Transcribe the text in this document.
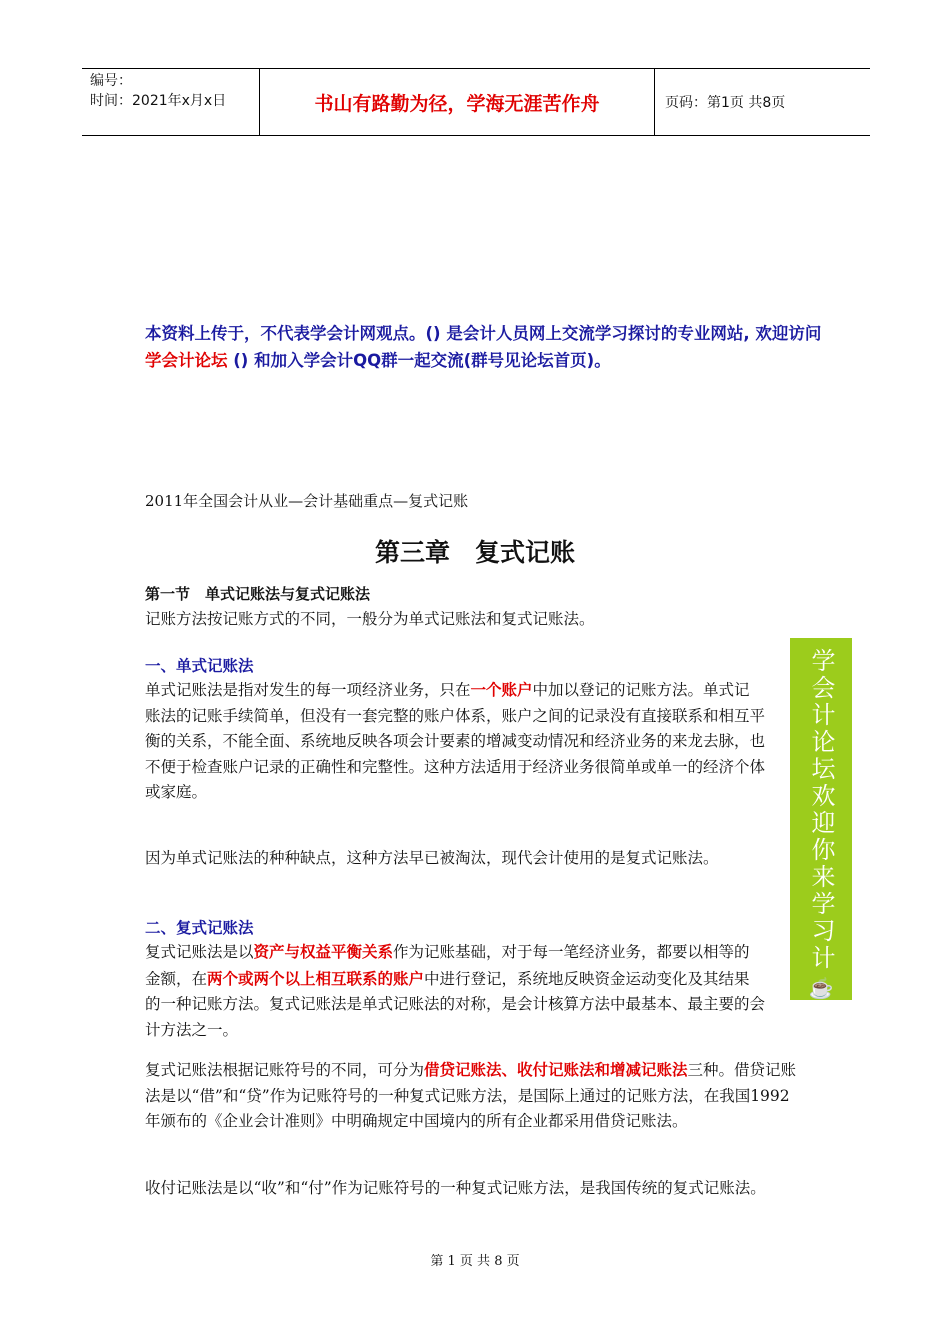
编号：
时间：2021年x月x日	书山有路勤为径，学海无涯苦作舟	页码：第1页 共8页
本资料上传于，不代表学会计网观点。() 是会计人员网上交流学习探讨的专业网站, 欢迎访问学会计论坛 () 和加入学会计QQ群一起交流(群号见论坛首页)。
2011年全国会计从业—会计基础重点—复式记账
第三章　复式记账
第一节　单式记账法与复式记账法
记账方法按记账方式的不同，一般分为单式记账法和复式记账法。
一、单式记账法
单式记账法是指对发生的每一项经济业务，只在一个账户中加以登记的记账方法。单式记账法的记账手续简单，但没有一套完整的账户体系，账户之间的记录没有直接联系和相互平衡的关系，不能全面、系统地反映各项会计要素的增减变动情况和经济业务的来龙去脉，也不便于检查账户记录的正确性和完整性。这种方法适用于经济业务很简单或单一的经济个体或家庭。
因为单式记账法的种种缺点，这种方法早已被淘汰，现代会计使用的是复式记账法。
二、复式记账法
复式记账法是以资产与权益平衡关系作为记账基础，对于每一笔经济业务，都要以相等的金额，在两个或两个以上相互联系的账户中进行登记，系统地反映资金运动变化及其结果的一种记账方法。复式记账法是单式记账法的对称，是会计核算方法中最基本、最主要的会计方法之一。
复式记账法根据记账符号的不同，可分为借贷记账法、收付记账法和增减记账法三种。借贷记账法是以“借”和“贷”作为记账符号的一种复式记账方法，是国际上通过的记账方法，在我国1992年颁布的《企业会计准则》中明确规定中国境内的所有企业都采用借贷记账法。
收付记账法是以“收”和“付”作为记账符号的一种复式记账方法，是我国传统的复式记账法。
学会计论坛欢迎你来学习计
☕
第 1 页 共 8 页
